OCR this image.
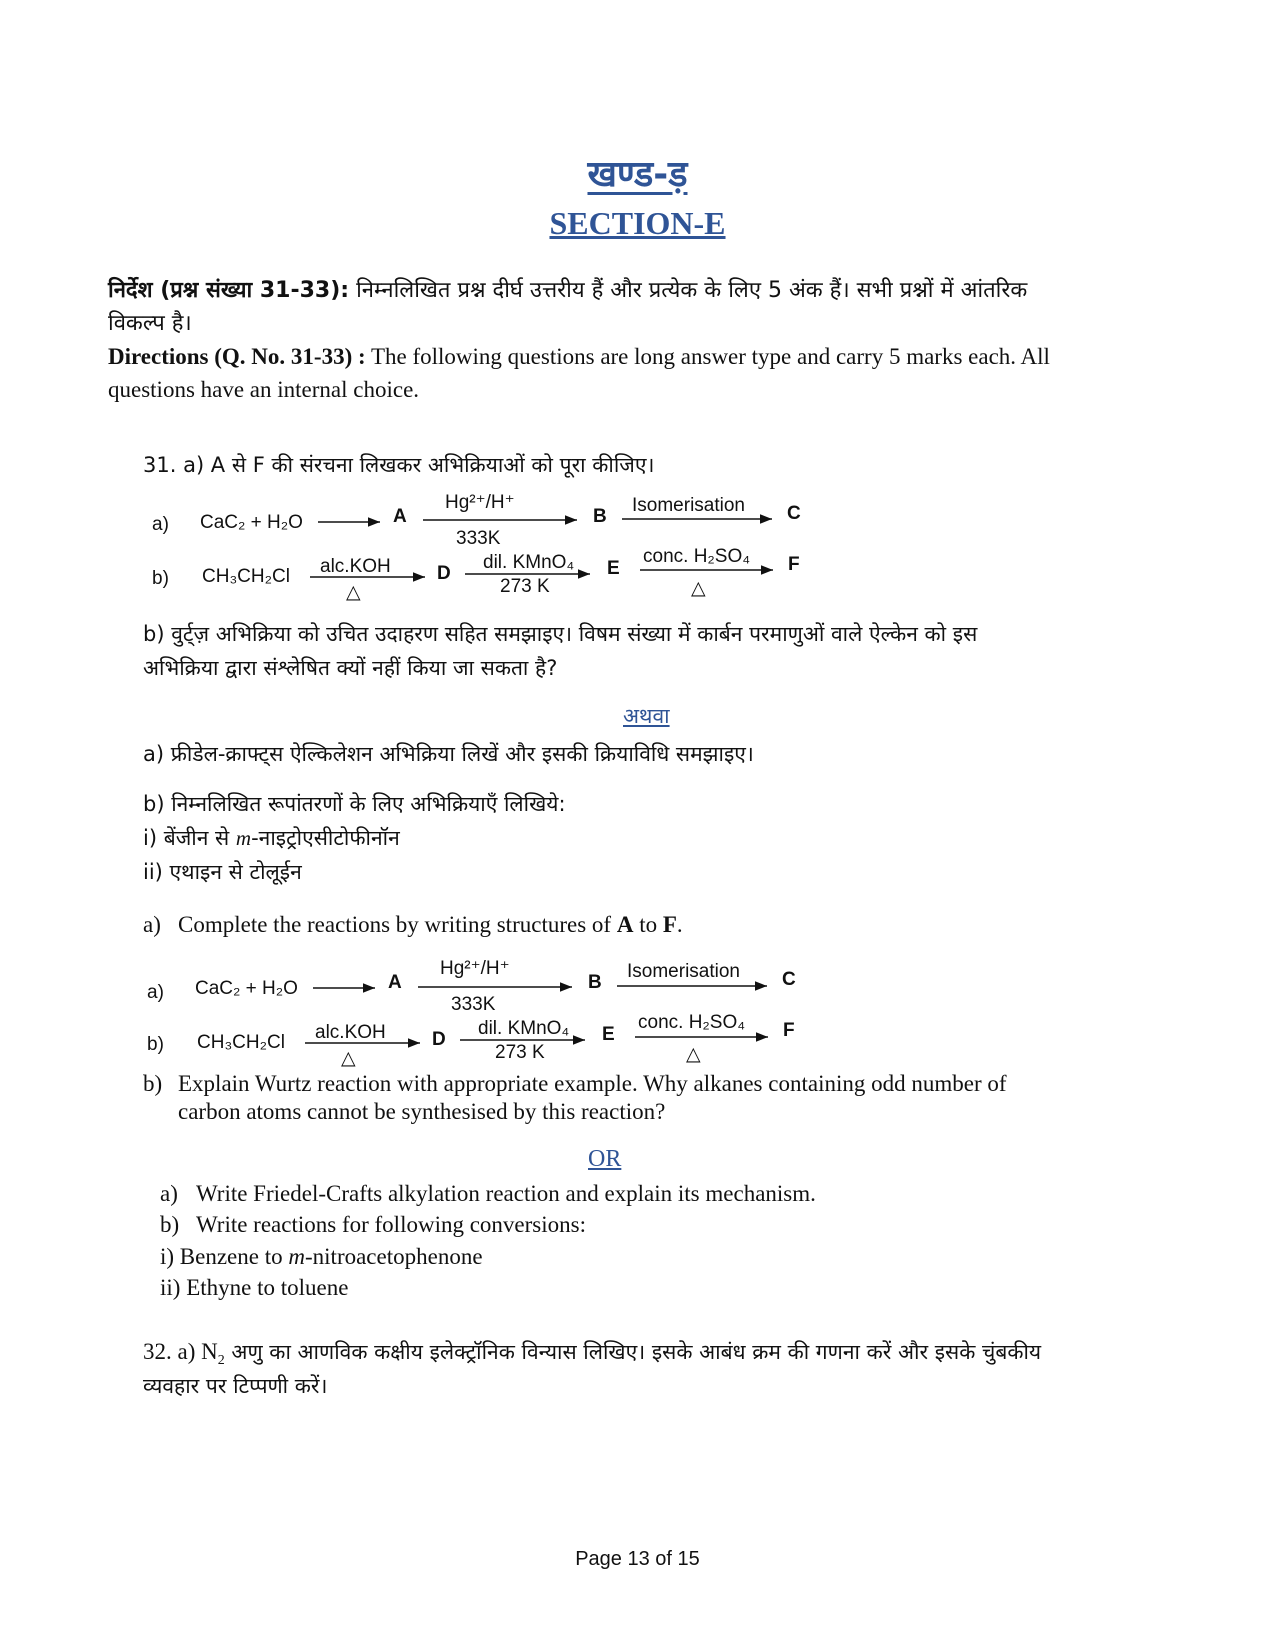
खण्ड-ड़
SECTION-E
निर्देश (प्रश्न संख्या 31-33): निम्नलिखित प्रश्न दीर्घ उत्तरीय हैं और प्रत्येक के लिए 5 अंक हैं। सभी प्रश्नों में आंतरिक
विकल्प है।
Directions (Q. No. 31-33) : The following questions are long answer type and carry 5 marks each. All
questions have an internal choice.
31. a) A से F की संरचना लिखकर अभिक्रियाओं को पूरा कीजिए।
a) CaC₂ + H₂O	A
Hg²⁺/H⁺
333K
B
Isomerisation C
b) CH₃CH₂Cl alc.KOH
△
D
dil. KMnO₄
273 K
E
conc. H₂SO₄
△
F
b) वुर्ट्ज़ अभिक्रिया को उचित उदाहरण सहित समझाइए। विषम संख्या में कार्बन परमाणुओं वाले ऐल्केन को इस
अभिक्रिया द्वारा संश्लेषित क्यों नहीं किया जा सकता है?
अथवा
a) फ्रीडेल-क्राफ्ट्स ऐल्किलेशन अभिक्रिया लिखें और इसकी क्रियाविधि समझाइए।
b) निम्नलिखित रूपांतरणों के लिए अभिक्रियाएँ लिखिये:
i) बेंजीन से m-नाइट्रोएसीटोफीनॉन
ii) एथाइन से टोलूईन
a) Complete the reactions by writing structures of A to F.
a) CaC₂ + H₂O	A
Hg²⁺/H⁺
333K
B
Isomerisation C
b) CH₃CH₂Cl alc.KOH
△
D
dil. KMnO₄
273 K
E
conc. H₂SO₄
△
F
b) Explain Wurtz reaction with appropriate example. Why alkanes containing odd number of
carbon atoms cannot be synthesised by this reaction?
OR
a) Write Friedel-Crafts alkylation reaction and explain its mechanism.
b) Write reactions for following conversions:
i) Benzene to m-nitroacetophenone
ii) Ethyne to toluene
32. a) $N_2$ अणु का आणविक कक्षीय इलेक्ट्रॉनिक विन्यास लिखिए। इसके आबंध क्रम की गणना करें और इसके चुंबकीय
व्यवहार पर टिप्पणी करें।
Page 13 of 15
